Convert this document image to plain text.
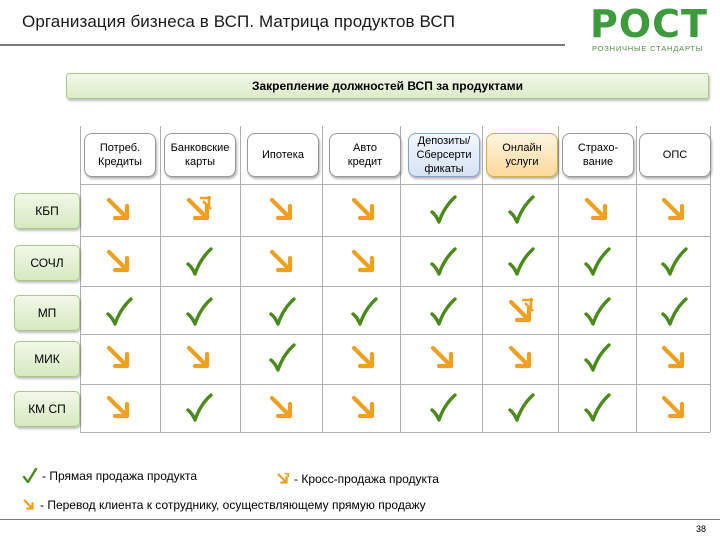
Организация бизнеса в ВСП. Матрица продуктов ВСП	РОСТ
РОЗНИЧНЫЕ СТАНДАРТЫ
Закрепление должностей ВСП за продуктами
Потреб.
Кредиты
Банковские
карты
Ипотека
Авто
кредит
Депозиты/
Сберсерти
фикаты
Онлайн
услуги
Страхо-
вание
ОПС
КБП
СОЧЛ
МП
МИК
КМ СП
- Прямая продажа продукта	- Кросс-продажа продукта
- Перевод клиента к сотруднику, осуществляющему прямую продажу
38
